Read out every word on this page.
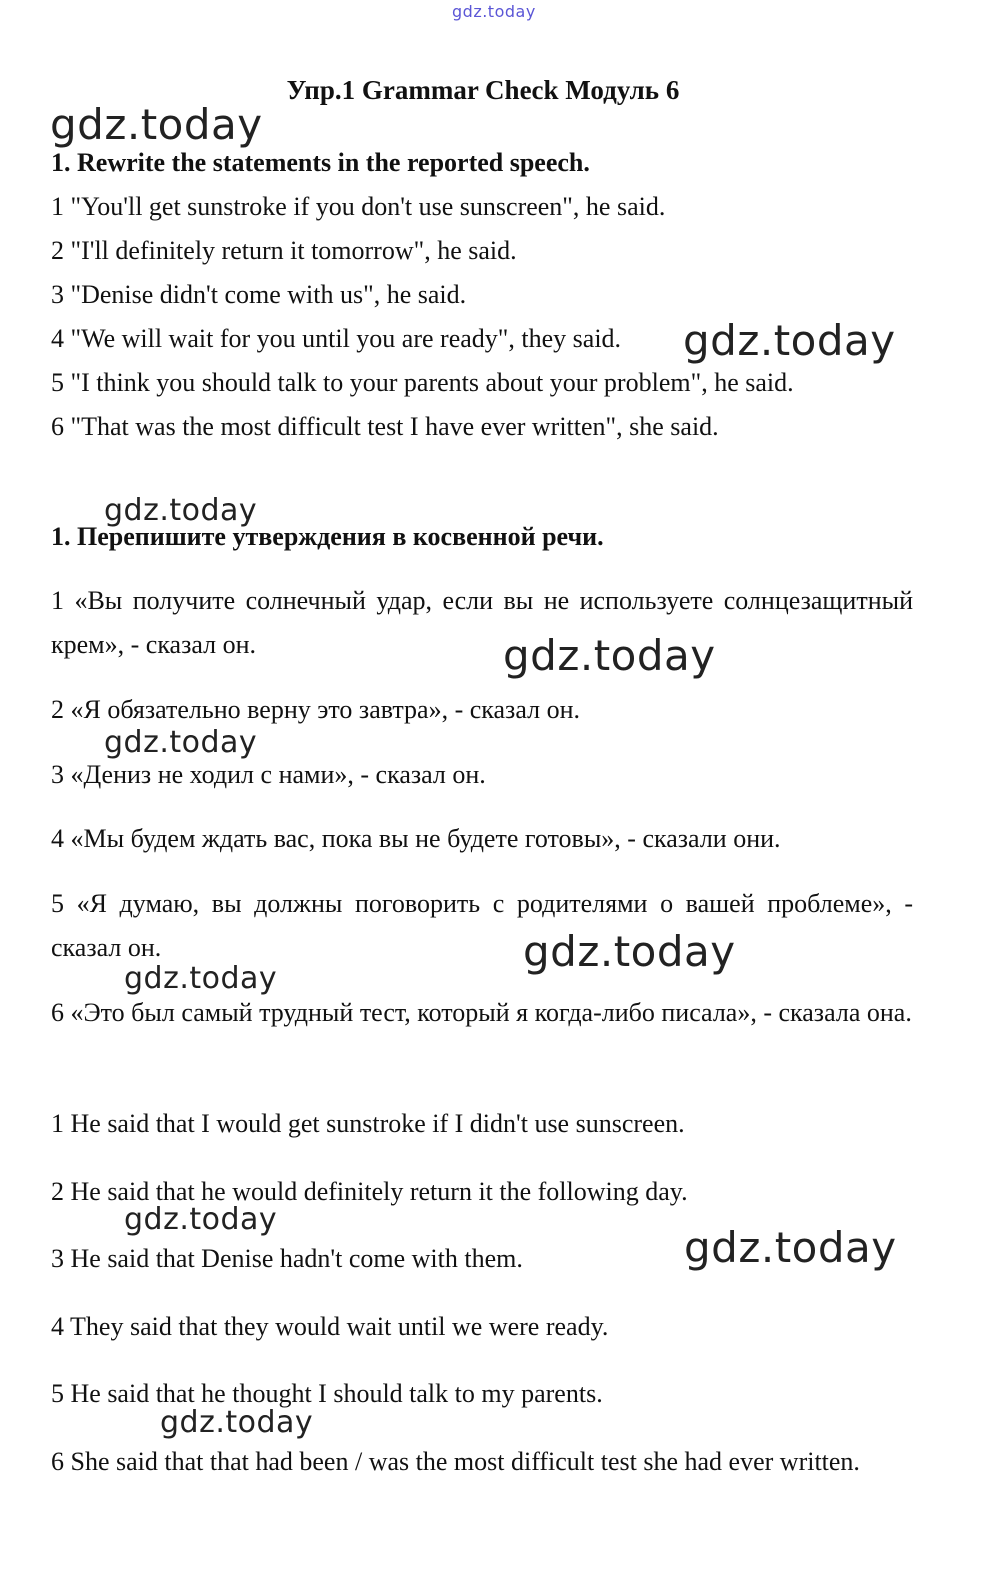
gdz.today
Упр.1 Grammar Check Модуль 6
1. Rewrite the statements in the reported speech.
1 "You'll get sunstroke if you don't use sunscreen", he said.
2 "I'll definitely return it tomorrow", he said.
3 "Denise didn't come with us", he said.
4 "We will wait for you until you are ready", they said.
5 "I think you should talk to your parents about your problem", he said.
6 "That was the most difficult test I have ever written", she said.
1. Перепишите утверждения в косвенной речи.
1 «Вы получите солнечный удар, если вы не используете солнцезащитный крем», - сказал он.
2 «Я обязательно верну это завтра», - сказал он.
3 «Дениз не ходил с нами», - сказал он.
4 «Мы будем ждать вас, пока вы не будете готовы», - сказали они.
5 «Я думаю, вы должны поговорить с родителями о вашей проблеме», - сказал он.
6 «Это был самый трудный тест, который я когда-либо писала», - сказала она.
1 He said that I would get sunstroke if I didn't use sunscreen.
2 He said that he would definitely return it the following day.
3 He said that Denise hadn't come with them.
4 They said that they would wait until we were ready.
5 He said that he thought I should talk to my parents.
6 She said that that had been / was the most difficult test she had ever written.
gdz.today
gdz.today
gdz.today
gdz.today
gdz.today
gdz.today
gdz.today
gdz.today
gdz.today
gdz.today
